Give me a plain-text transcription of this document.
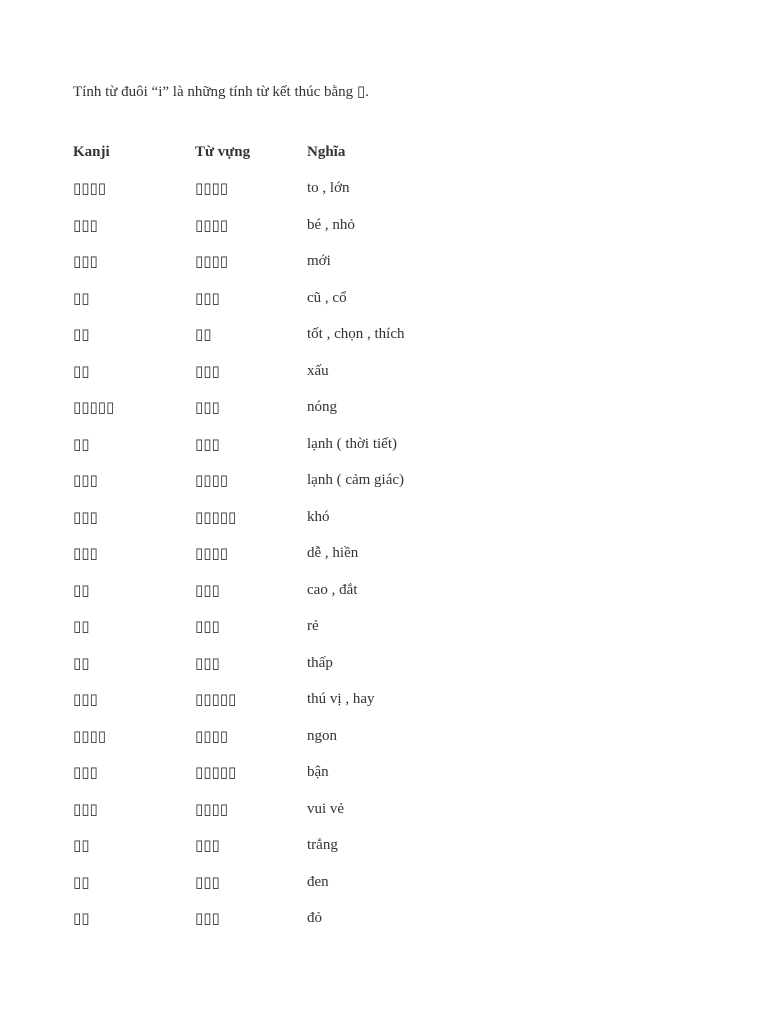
Tính từ đuôi “i” là những tính từ kết thúc bằng ▯.

Kanji	Từ vựng	Nghĩa
▯▯▯▯	▯▯▯▯	to , lớn
▯▯▯	▯▯▯▯	bé , nhỏ
▯▯▯	▯▯▯▯	mới
▯▯	▯▯▯	cũ , cổ
▯▯	▯▯	tốt , chọn , thích
▯▯	▯▯▯	xấu
▯▯▯▯▯	▯▯▯	nóng
▯▯	▯▯▯	lạnh ( thời tiết)
▯▯▯	▯▯▯▯	lạnh ( cảm giác)
▯▯▯	▯▯▯▯▯	khó
▯▯▯	▯▯▯▯	dễ , hiền
▯▯	▯▯▯	cao , đắt
▯▯	▯▯▯	rẻ
▯▯	▯▯▯	thấp
▯▯▯	▯▯▯▯▯	thú vị , hay
▯▯▯▯	▯▯▯▯	ngon
▯▯▯	▯▯▯▯▯	bận
▯▯▯	▯▯▯▯	vui vẻ
▯▯	▯▯▯	trắng
▯▯	▯▯▯	đen
▯▯	▯▯▯	đỏ
